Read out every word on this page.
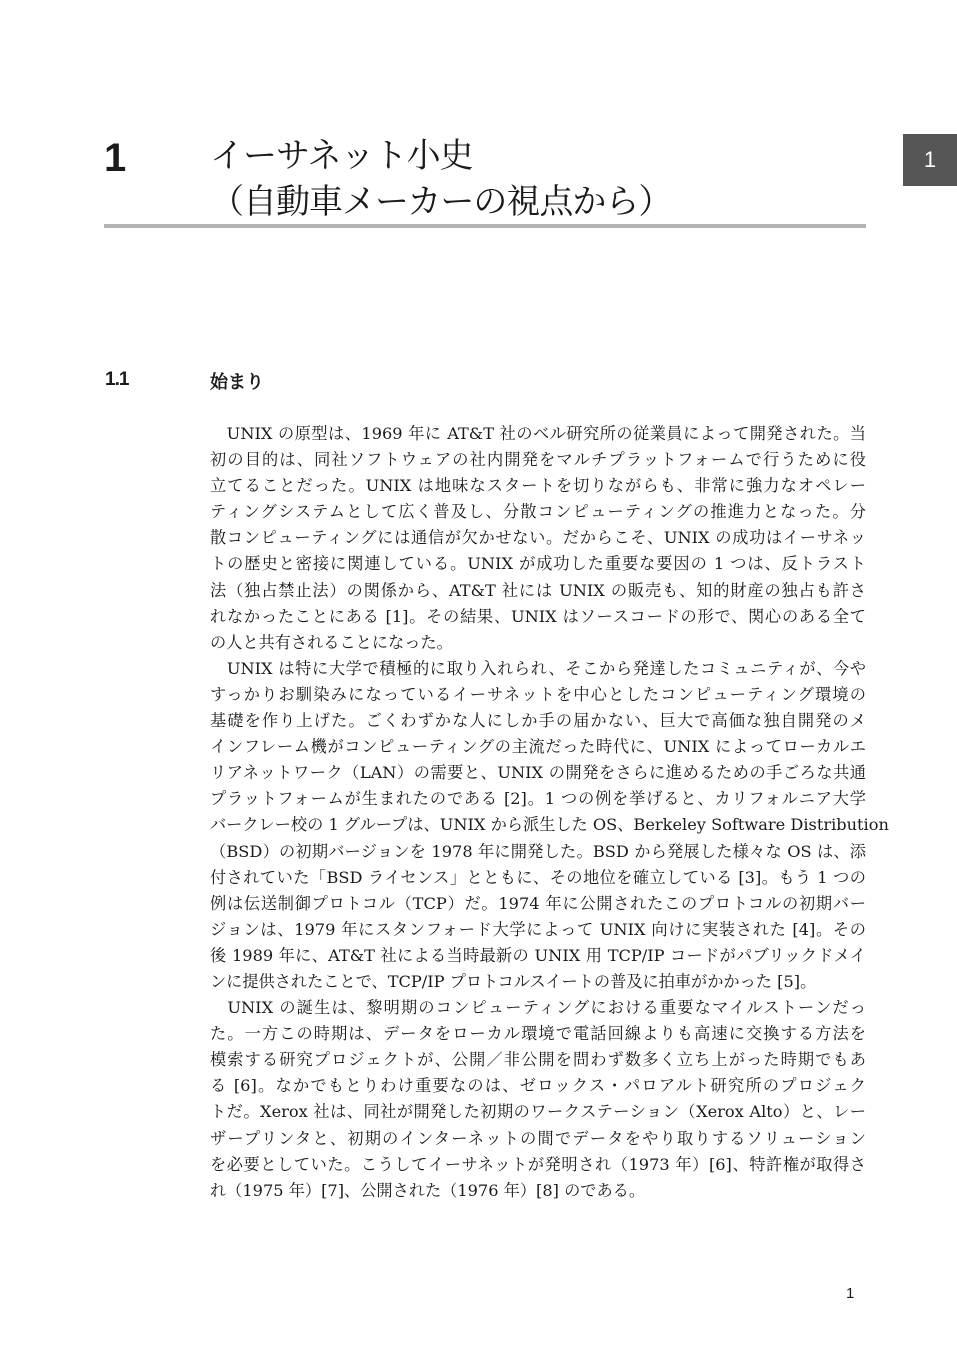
1 イーサネット小史
（自動車メーカーの視点から）
1
1.1	始まり
　UNIX の原型は、1969 年に AT&T 社のベル研究所の従業員によって開発された。当
初の目的は、同社ソフトウェアの社内開発をマルチプラットフォームで行うために役
立てることだった。UNIX は地味なスタートを切りながらも、非常に強力なオペレー
ティングシステムとして広く普及し、分散コンピューティングの推進力となった。分
散コンピューティングには通信が欠かせない。だからこそ、UNIX の成功はイーサネッ
トの歴史と密接に関連している。UNIX が成功した重要な要因の 1 つは、反トラスト
法（独占禁止法）の関係から、AT&T 社には UNIX の販売も、知的財産の独占も許さ
れなかったことにある [1]。その結果、UNIX はソースコードの形で、関心のある全て
の人と共有されることになった。
　UNIX は特に大学で積極的に取り入れられ、そこから発達したコミュニティが、今や
すっかりお馴染みになっているイーサネットを中心としたコンピューティング環境の
基礎を作り上げた。ごくわずかな人にしか手の届かない、巨大で高価な独自開発のメ
インフレーム機がコンピューティングの主流だった時代に、UNIX によってローカルエ
リアネットワーク（LAN）の需要と、UNIX の開発をさらに進めるための手ごろな共通
プラットフォームが生まれたのである [2]。1 つの例を挙げると、カリフォルニア大学
バークレー校の 1 グループは、UNIX から派生した OS、Berkeley Software Distribution
（BSD）の初期バージョンを 1978 年に開発した。BSD から発展した様々な OS は、添
付されていた「BSD ライセンス」とともに、その地位を確立している [3]。もう 1 つの
例は伝送制御プロトコル（TCP）だ。1974 年に公開されたこのプロトコルの初期バー
ジョンは、1979 年にスタンフォード大学によって UNIX 向けに実装された [4]。その
後 1989 年に、AT&T 社による当時最新の UNIX 用 TCP/IP コードがパブリックドメイ
ンに提供されたことで、TCP/IP プロトコルスイートの普及に拍車がかかった [5]。
　UNIX の誕生は、黎明期のコンピューティングにおける重要なマイルストーンだっ
た。一方この時期は、データをローカル環境で電話回線よりも高速に交換する方法を
模索する研究プロジェクトが、公開／非公開を問わず数多く立ち上がった時期でもあ
る [6]。なかでもとりわけ重要なのは、ゼロックス・パロアルト研究所のプロジェク
トだ。Xerox 社は、同社が開発した初期のワークステーション（Xerox Alto）と、レー
ザープリンタと、初期のインターネットの間でデータをやり取りするソリューション
を必要としていた。こうしてイーサネットが発明され（1973 年）[6]、特許権が取得さ
れ（1975 年）[7]、公開された（1976 年）[8] のである。
1
